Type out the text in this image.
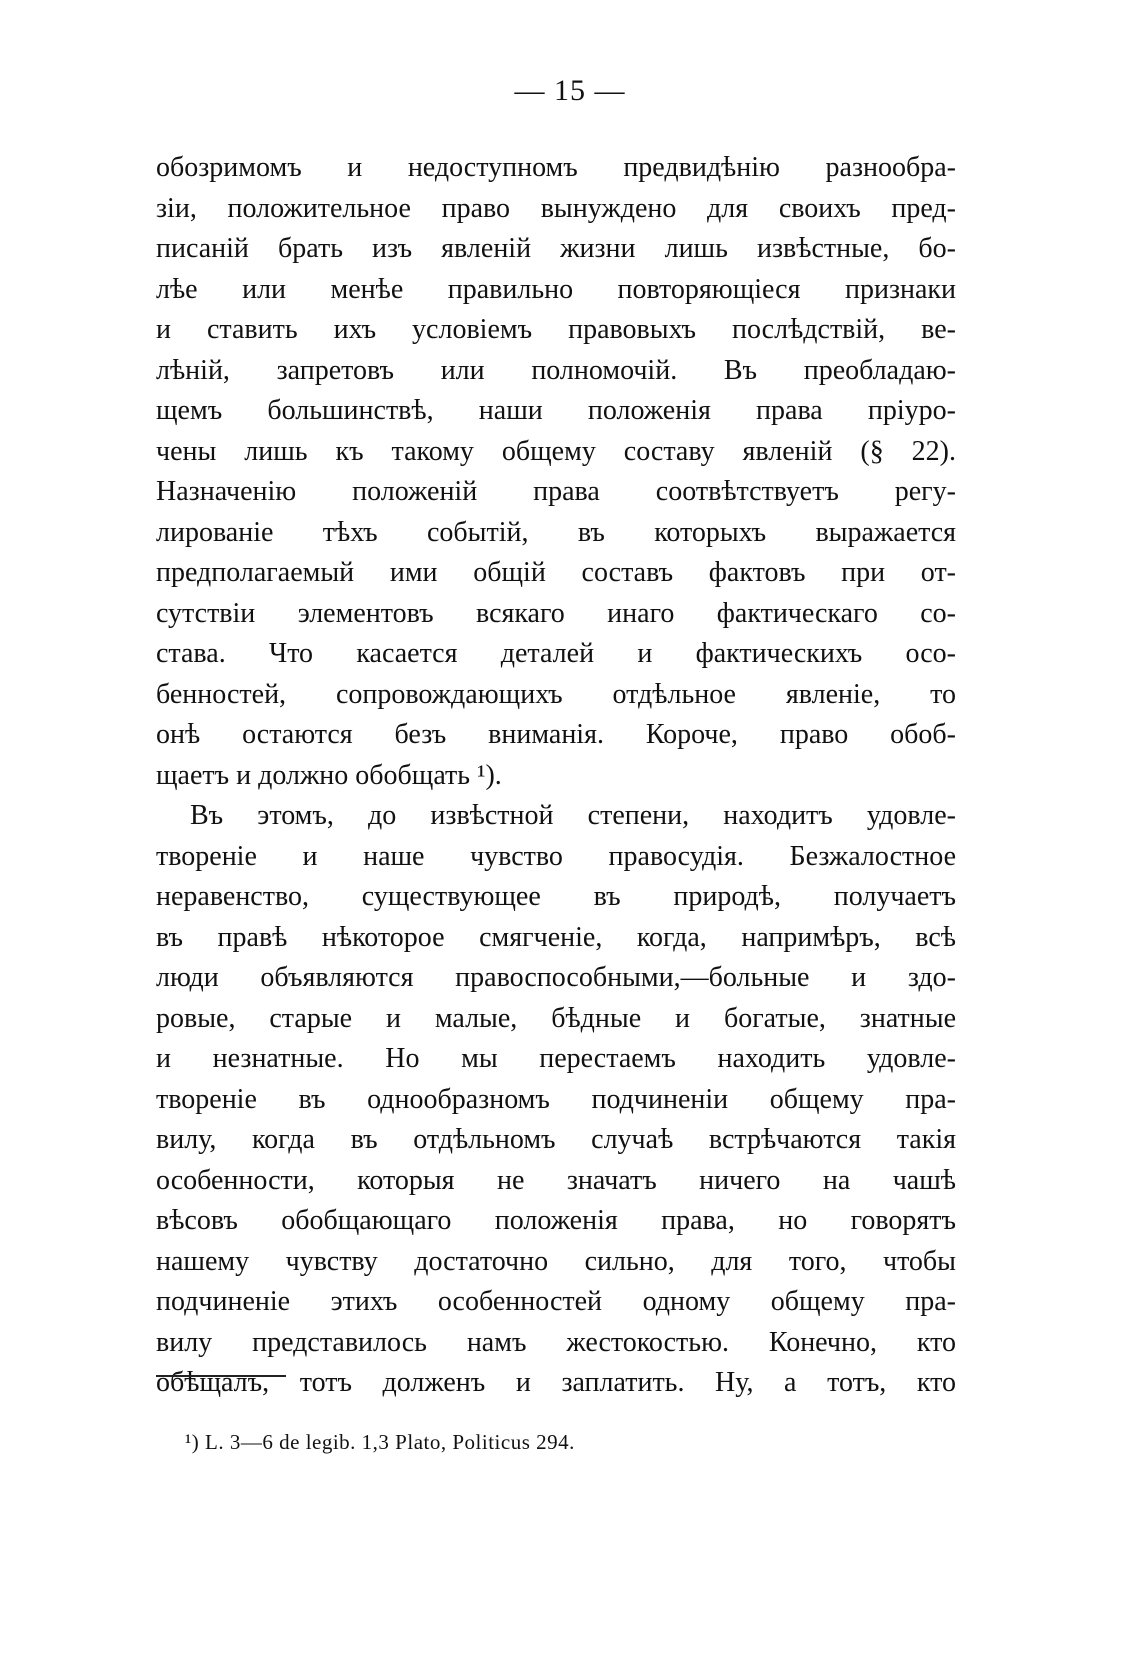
— 15 —
обозримомъ и недоступномъ предвидѣнію разнообра-
зіи, положительное право вынуждено для своихъ пред-
писаній брать изъ явленій жизни лишь извѣстные, бо-
лѣе или менѣе правильно повторяющіеся признаки
и ставить ихъ условіемъ правовыхъ послѣдствій, ве-
лѣній, запретовъ или полномочій. Въ преобладаю-
щемъ большинствѣ, наши положенія права пріуро-
чены лишь къ такому общему составу явленій (§ 22).
Назначенію положеній права соотвѣтствуетъ регу-
лированіе тѣхъ событій, въ которыхъ выражается
предполагаемый ими общій составъ фактовъ при от-
сутствіи элементовъ всякаго инаго фактическаго со-
става. Что касается деталей и фактическихъ осо-
бенностей, сопровождающихъ отдѣльное явленіе, то
онѣ остаются безъ вниманія. Короче, право обоб-
щаетъ и должно обобщать ¹).
Въ этомъ, до извѣстной степени, находитъ удовле-
твореніе и наше чувство правосудія. Безжалостное
неравенство, существующее въ природѣ, получаетъ
въ правѣ нѣкоторое смягченіе, когда, напримѣръ, всѣ
люди объявляются правоспособными,—больные и здо-
ровые, старые и малые, бѣдные и богатые, знатные
и незнатные. Но мы перестаемъ находить удовле-
твореніе въ однообразномъ подчиненіи общему пра-
вилу, когда въ отдѣльномъ случаѣ встрѣчаются такія
особенности, которыя не значатъ ничего на чашѣ
вѣсовъ обобщающаго положенія права, но говорятъ
нашему чувству достаточно сильно, для того, чтобы
подчиненіе этихъ особенностей одному общему пра-
вилу представилось намъ жестокостью. Конечно, кто
обѣщалъ, тотъ долженъ и заплатить. Ну, а тотъ, кто
¹) L. 3—6 de legib. 1,3 Plato, Politicus 294.
